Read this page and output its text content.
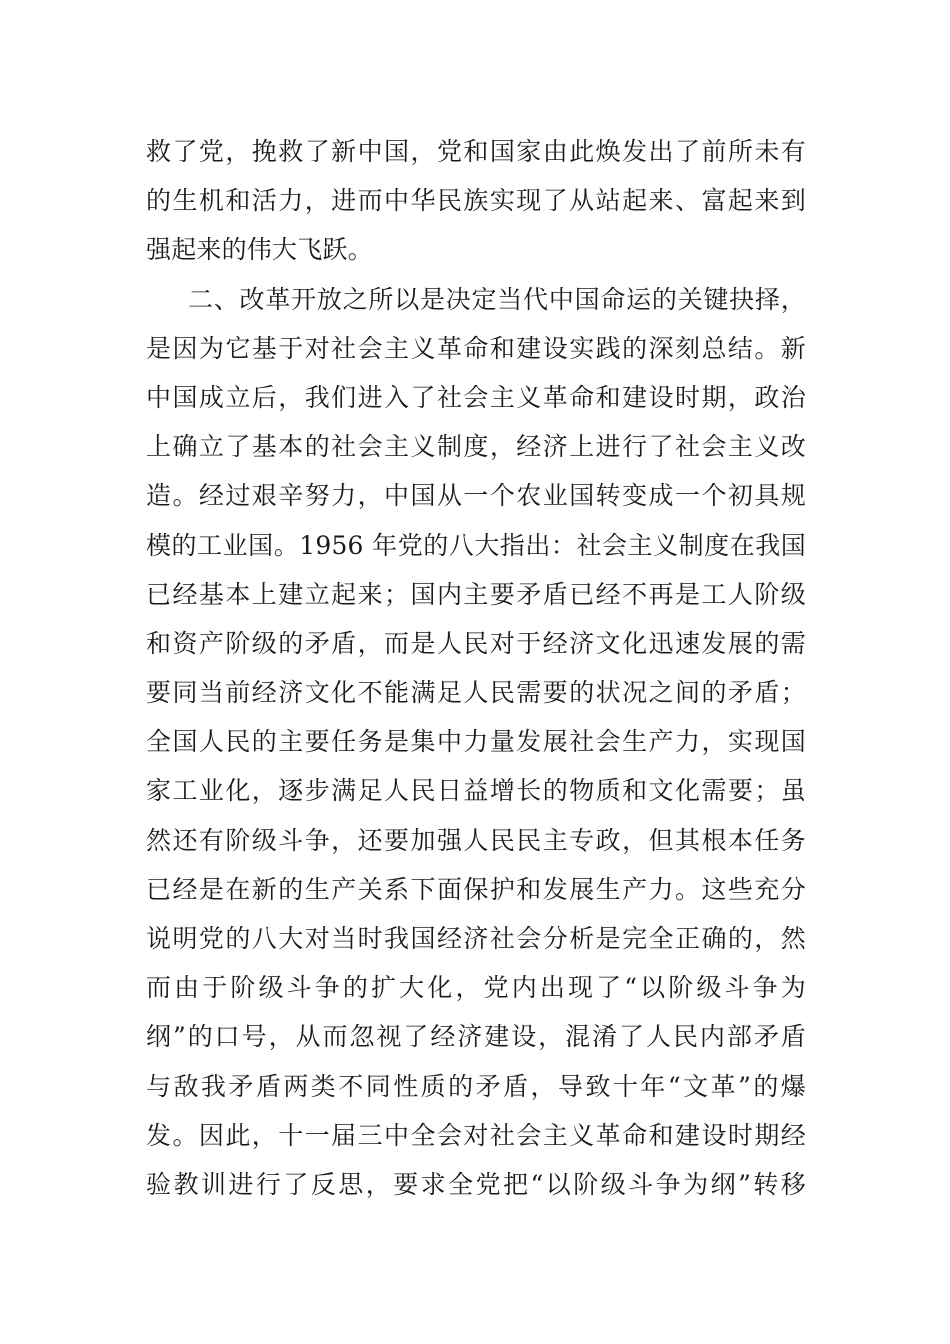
救了党，挽救了新中国，党和国家由此焕发出了前所未有
的生机和活力，进而中华民族实现了从站起来、富起来到
强起来的伟大飞跃。
二、改革开放之所以是决定当代中国命运的关键抉择，
是因为它基于对社会主义革命和建设实践的深刻总结。新
中国成立后，我们进入了社会主义革命和建设时期，政治
上确立了基本的社会主义制度，经济上进行了社会主义改
造。经过艰辛努力，中国从一个农业国转变成一个初具规
模的工业国。1956 年党的八大指出：社会主义制度在我国
已经基本上建立起来；国内主要矛盾已经不再是工人阶级
和资产阶级的矛盾，而是人民对于经济文化迅速发展的需
要同当前经济文化不能满足人民需要的状况之间的矛盾；
全国人民的主要任务是集中力量发展社会生产力，实现国
家工业化，逐步满足人民日益增长的物质和文化需要；虽
然还有阶级斗争，还要加强人民民主专政，但其根本任务
已经是在新的生产关系下面保护和发展生产力。这些充分
说明党的八大对当时我国经济社会分析是完全正确的，然
而由于阶级斗争的扩大化，党内出现了“以阶级斗争为
纲”的口号，从而忽视了经济建设，混淆了人民内部矛盾
与敌我矛盾两类不同性质的矛盾，导致十年“文革”的爆
发。因此，十一届三中全会对社会主义革命和建设时期经
验教训进行了反思，要求全党把“以阶级斗争为纲”转移
